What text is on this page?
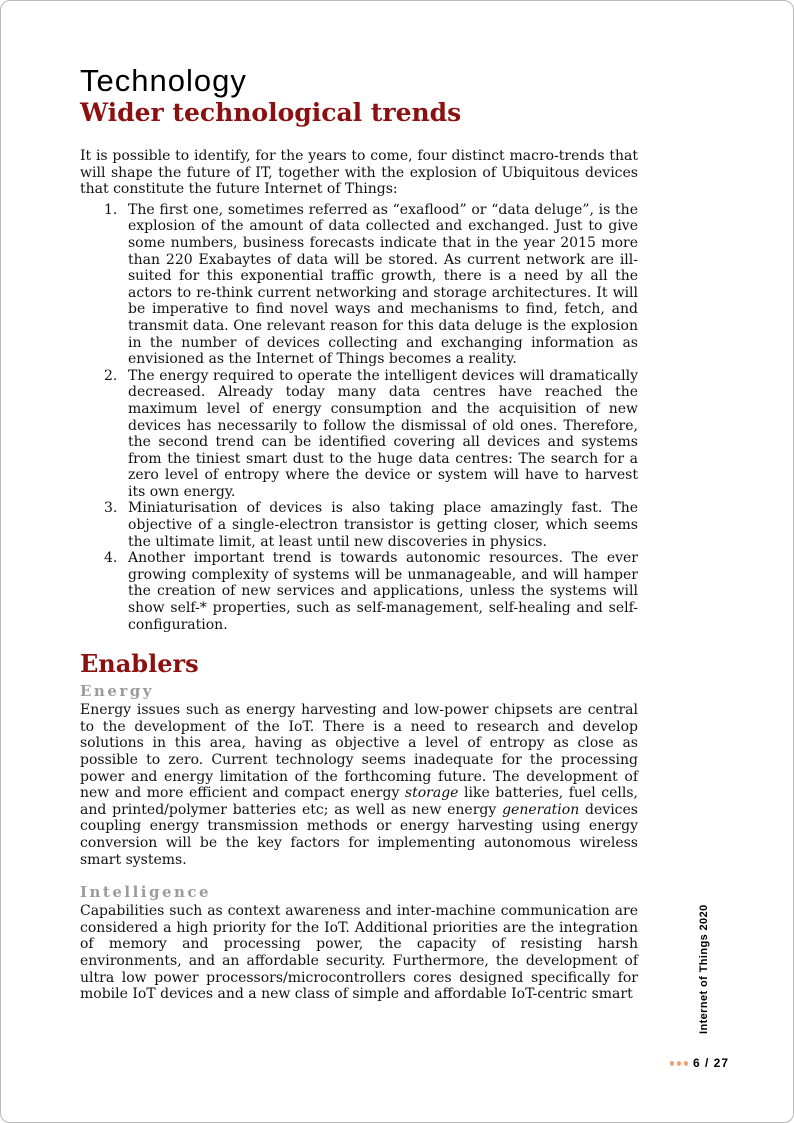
Technology
Wider technological trends

It is possible to identify, for the years to come, four distinct macro-trends that will shape the future of IT, together with the explosion of Ubiquitous devices that constitute the future Internet of Things:

1. The first one, sometimes referred as “exaflood” or “data deluge”, is the explosion of the amount of data collected and exchanged. Just to give some numbers, business forecasts indicate that in the year 2015 more than 220 Exabaytes of data will be stored. As current network are ill-suited for this exponential traffic growth, there is a need by all the actors to re-think current networking and storage architectures. It will be imperative to find novel ways and mechanisms to find, fetch, and transmit data. One relevant reason for this data deluge is the explosion in the number of devices collecting and exchanging information as envisioned as the Internet of Things becomes a reality.
2. The energy required to operate the intelligent devices will dramatically decreased. Already today many data centres have reached the maximum level of energy consumption and the acquisition of new devices has necessarily to follow the dismissal of old ones. Therefore, the second trend can be identified covering all devices and systems from the tiniest smart dust to the huge data centres: The search for a zero level of entropy where the device or system will have to harvest its own energy.
3. Miniaturisation of devices is also taking place amazingly fast. The objective of a single-electron transistor is getting closer, which seems the ultimate limit, at least until new discoveries in physics.
4. Another important trend is towards autonomic resources. The ever growing complexity of systems will be unmanageable, and will hamper the creation of new services and applications, unless the systems will show self-* properties, such as self-management, self-healing and self-configuration.
Enablers
Energy

Energy issues such as energy harvesting and low-power chipsets are central to the development of the IoT. There is a need to research and develop solutions in this area, having as objective a level of entropy as close as possible to zero. Current technology seems inadequate for the processing power and energy limitation of the forthcoming future. The development of new and more efficient and compact energy storage like batteries, fuel cells, and printed/polymer batteries etc; as well as new energy generation devices coupling energy transmission methods or energy harvesting using energy conversion will be the key factors for implementing autonomous wireless smart systems.

Intelligence

Capabilities such as context awareness and inter-machine communication are considered a high priority for the IoT. Additional priorities are the integration of memory and processing power, the capacity of resisting harsh environments, and an affordable security. Furthermore, the development of ultra low power processors/microcontrollers cores designed specifically for mobile IoT devices and a new class of simple and affordable IoT-centric smart	Internet of Things 2020
6 / 27
